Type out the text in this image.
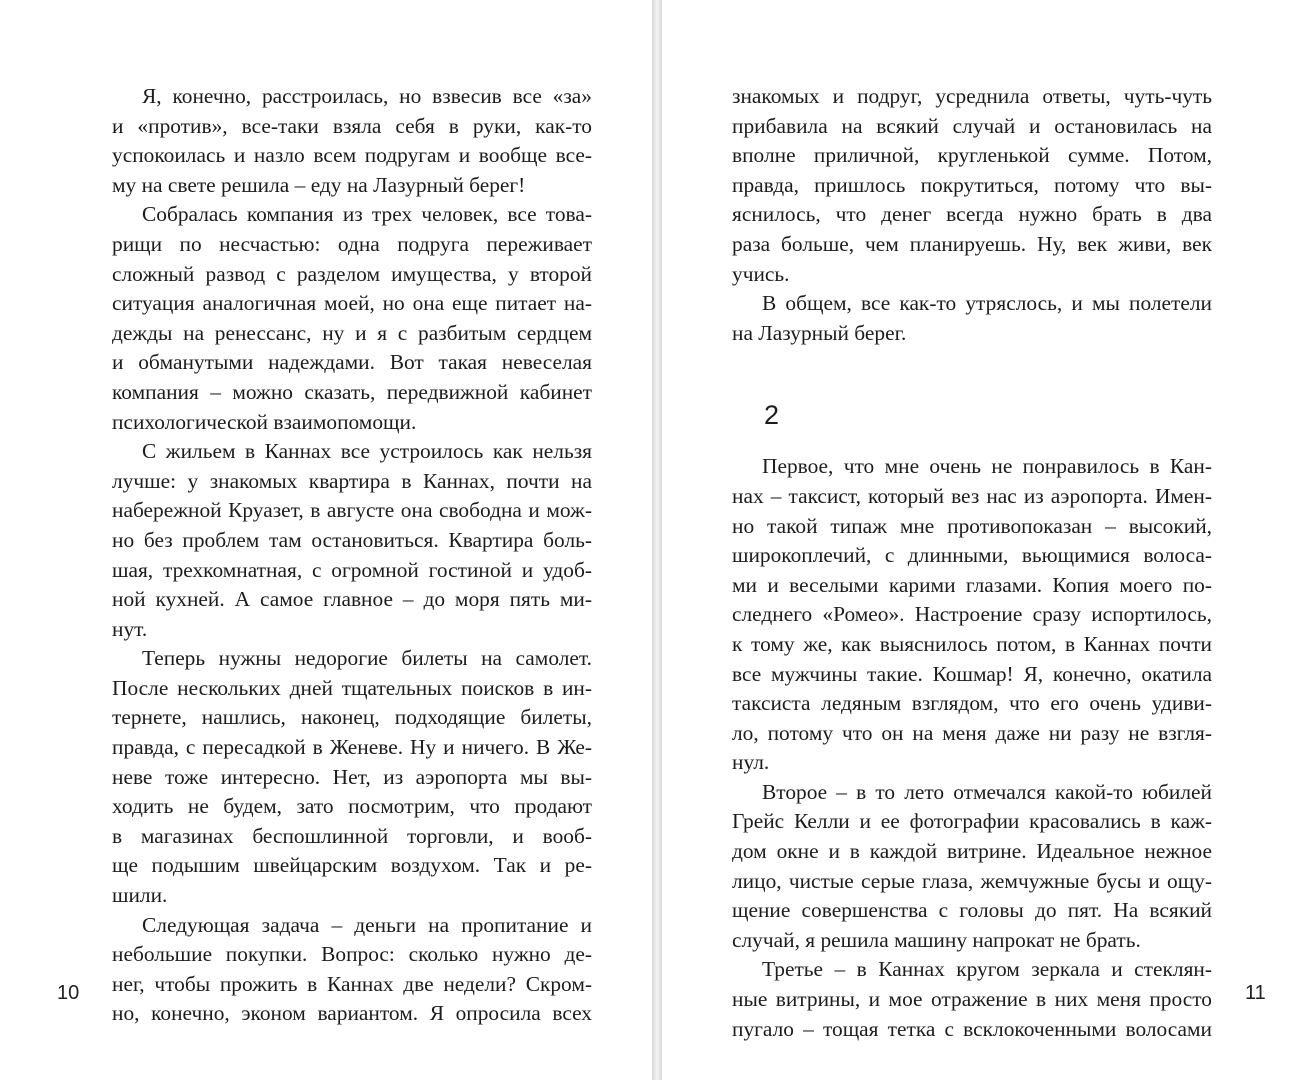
Я, конечно, расстроилась, но взвесив все «за»
и «против», все-таки взяла себя в руки, как-то
успокоилась и назло всем подругам и вообще все-
му на свете решила – еду на Лазурный берег!
Собралась компания из трех человек, все това-
рищи по несчастью: одна подруга переживает
сложный развод с разделом имущества, у второй
ситуация аналогичная моей, но она еще питает на-
дежды на ренессанс, ну и я с разбитым сердцем
и обманутыми надеждами. Вот такая невеселая
компания – можно сказать, передвижной кабинет
психологической взаимопомощи.
С жильем в Каннах все устроилось как нельзя
лучше: у знакомых квартира в Каннах, почти на
набережной Круазет, в августе она свободна и мож-
но без проблем там остановиться. Квартира боль-
шая, трехкомнатная, с огромной гостиной и удоб-
ной кухней. А самое главное – до моря пять ми-
нут.
Теперь нужны недорогие билеты на самолет.
После нескольких дней тщательных поисков в ин-
тернете, нашлись, наконец, подходящие билеты,
правда, с пересадкой в Женеве. Ну и ничего. В Же-
неве тоже интересно. Нет, из аэропорта мы вы-
ходить не будем, зато посмотрим, что продают
в магазинах беспошлинной торговли, и вооб-
ще подышим швейцарским воздухом. Так и ре-
шили.
Следующая задача – деньги на пропитание и
небольшие покупки. Вопрос: сколько нужно де-
нег, чтобы прожить в Каннах две недели? Скром-
но, конечно, эконом вариантом. Я опросила всех
10
знакомых и подруг, усреднила ответы, чуть-чуть
прибавила на всякий случай и остановилась на
вполне приличной, кругленькой сумме. Потом,
правда, пришлось покрутиться, потому что вы-
яснилось, что денег всегда нужно брать в два
раза больше, чем планируешь. Ну, век живи, век
учись.
В общем, все как-то утряслось, и мы полетели
на Лазурный берег.
2
Первое, что мне очень не понравилось в Кан-
нах – таксист, который вез нас из аэропорта. Имен-
но такой типаж мне противопоказан – высокий,
широкоплечий, с длинными, вьющимися волоса-
ми и веселыми карими глазами. Копия моего по-
следнего «Ромео». Настроение сразу испортилось,
к тому же, как выяснилось потом, в Каннах почти
все мужчины такие. Кошмар! Я, конечно, окатила
таксиста ледяным взглядом, что его очень удиви-
ло, потому что он на меня даже ни разу не взгля-
нул.
Второе – в то лето отмечался какой-то юбилей
Грейс Келли и ее фотографии красовались в каж-
дом окне и в каждой витрине. Идеальное нежное
лицо, чистые серые глаза, жемчужные бусы и ощу-
щение совершенства с головы до пят. На всякий
случай, я решила машину напрокат не брать.
Третье – в Каннах кругом зеркала и стеклян-
ные витрины, и мое отражение в них меня просто
пугало – тощая тетка с всклокоченными волосами
11
